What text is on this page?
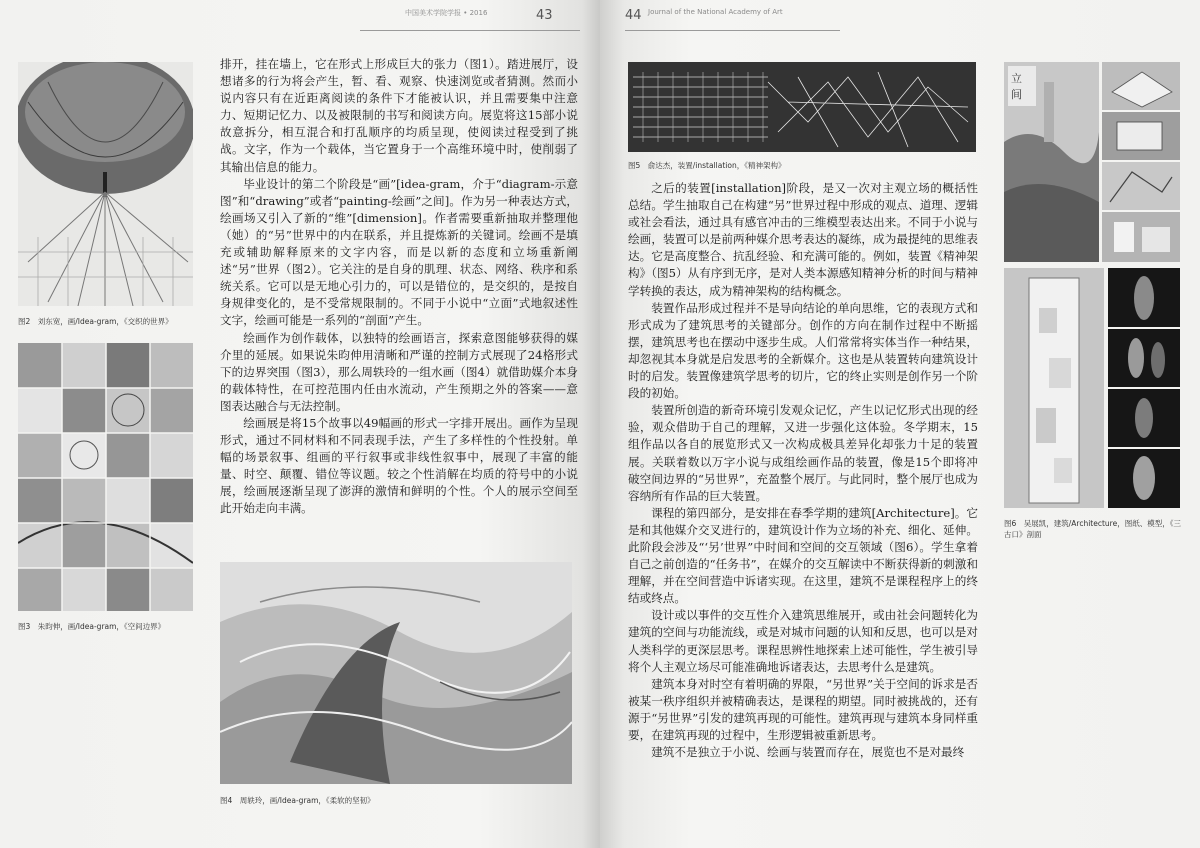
中国美术学院学报 • 2016	43
图2　刘东宽，画/Idea-gram，《交织的世界》
图3　朱昀伸，画/Idea-gram，《空间边界》

排开，挂在墙上，它在形式上形成巨大的张力（图1）。踏进展厅，设想诸多的行为将会产生，暂、看、观察、快速浏览或者猜测。然而小说内容只有在近距离阅读的条件下才能被认识，并且需要集中注意力、短期记忆力、以及被限制的书写和阅读方向。展览将这15部小说故意拆分，相互混合和打乱顺序的均质呈现，使阅读过程受到了挑战。文字，作为一个载体，当它置身于一个高维环境中时，使削弱了其输出信息的能力。

毕业设计的第二个阶段是“画”[idea-gram，介于“diagram-示意图”和“drawing”或者“painting-绘画”之间]。作为另一种表达方式，绘画场又引入了新的“维”[dimension]。作者需要重新抽取并整理他（她）的“另”世界中的内在联系，并且提炼新的关键词。绘画不是填充或辅助解释原来的文字内容，而是以新的态度和立场重新阐述“另”世界（图2）。它关注的是自身的肌理、状态、网络、秩序和系统关系。它可以是无地心引力的，可以是错位的，是交织的，是按自身规律变化的，是不受常规限制的。不同于小说中“立面”式地叙述性文字，绘画可能是一系列的“剖面”产生。

绘画作为创作载体，以独特的绘画语言，探索意图能够获得的媒介里的延展。如果说朱昀伸用清晰和严谨的控制方式展现了24格形式下的边界突围（图3），那么周轶玲的一组水画（图4）就借助媒介本身的载体特性，在可控范围内任由水流动，产生预期之外的答案——意图表达融合与无法控制。

绘画展是将15个故事以49幅画的形式一字排开展出。画作为呈现形式，通过不同材料和不同表现手法，产生了多样性的个性投射。单幅的场景叙事、组画的平行叙事或非线性叙事中，展现了丰富的能量、时空、颠覆、错位等议题。较之个性消解在均质的符号中的小说展，绘画展逐渐呈现了澎湃的激情和鲜明的个性。个人的展示空间至此开始走向丰满。

图4　周轶玲，画/Idea-gram，《柔软的坚韧》
44 Journal of the National Academy of Art
图5　俞达杰，装置/installation，《精神架构》

之后的装置[installation]阶段，是又一次对主观立场的概括性总结。学生抽取自己在构建“另”世界过程中形成的观点、道理、逻辑或社会看法，通过具有感官冲击的三维模型表达出来。不同于小说与绘画，装置可以是前两种媒介思考表达的凝练，成为最提纯的思维表达。它是高度整合、抗乱经验、和充满可能的。例如，装置《精神架构》（图5）从有序到无序，是对人类本源感知精神分析的时间与精神学转换的表达，成为精神架构的结构概念。

装置作品形成过程并不是导向结论的单向思维，它的表现方式和形式成为了建筑思考的关键部分。创作的方向在制作过程中不断摇摆，建筑思考也在摆动中逐步生成。人们常常将实体当作一种结果，却忽视其本身就是启发思考的全新媒介。这也是从装置转向建筑设计时的启发。装置像建筑学思考的切片，它的终止实则是创作另一个阶段的初始。

装置所创造的新奇环境引发观众记忆，产生以记忆形式出现的经验，观众借助于自己的理解，又进一步强化这体验。冬学期末，15组作品以各自的展览形式又一次构成极具差异化却张力十足的装置展。关联着数以万字小说与成组绘画作品的装置，像是15个即将冲破空间边界的“另世界”，充盈整个展厅。与此同时，整个展厅也成为容纳所有作品的巨大装置。

课程的第四部分，是安排在春季学期的建筑[Architecture]。它是和其他媒介交叉进行的，建筑设计作为立场的补充、细化、延伸。此阶段会涉及“‘另’世界”中时间和空间的交互领域（图6）。学生拿着自己之前创造的“任务书”，在媒介的交互解读中不断获得新的刺激和理解，并在空间营造中诉诸实现。在这里，建筑不是课程程序上的终结或终点。

设计或以事件的交互性介入建筑思维展开，或由社会问题转化为建筑的空间与功能流线，或是对城市问题的认知和反思，也可以是对人类科学的更深层思考。课程思辨性地探索上述可能性，学生被引导将个人主观立场尽可能准确地诉诸表达，去思考什么是建筑。

建筑本身对时空有着明确的界限，“另世界”关于空间的诉求是否被某一秩序组织并被精确表达，是课程的期望。同时被挑战的，还有源于“另世界”引发的建筑再现的可能性。建筑再现与建筑本身同样重要，在建筑再现的过程中，生形逻辑被重新思考。

建筑不是独立于小说、绘画与装置而存在，展览也不是对最终

立
间
图6　吴展凯，建筑/Architecture，图纸、模型，《三古口》剖面
